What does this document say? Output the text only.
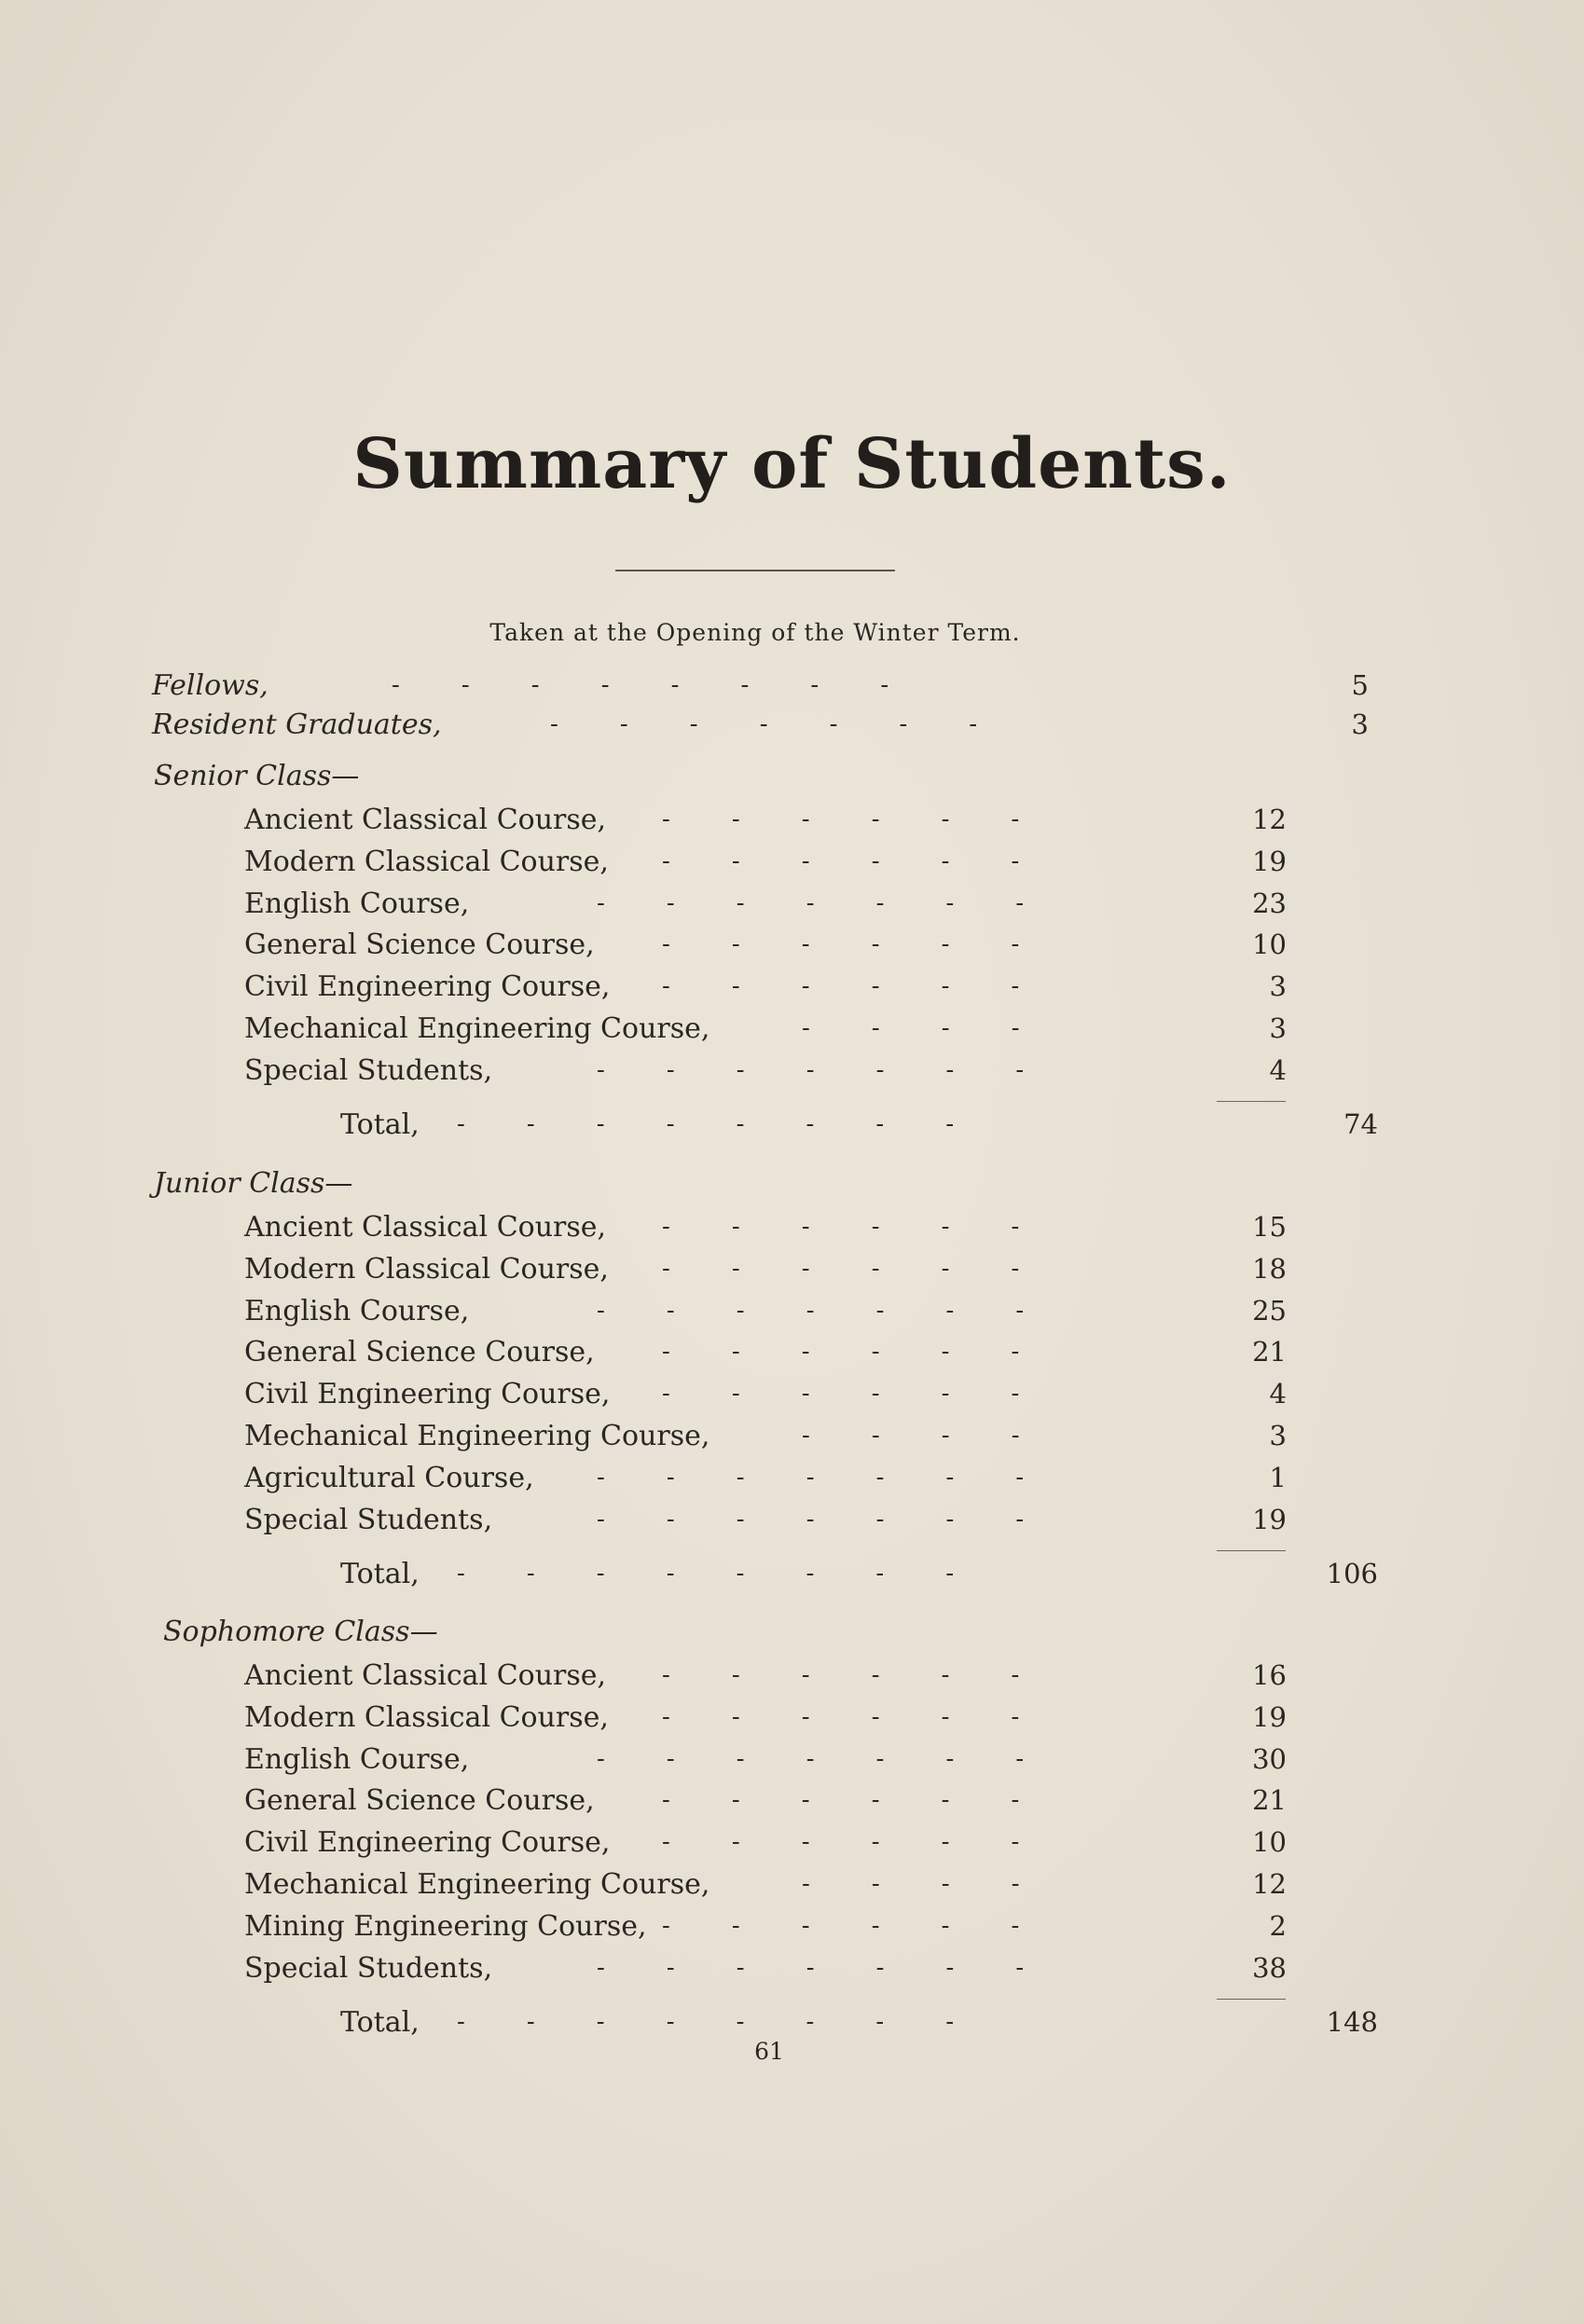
Summary of Students.
Taken at the Opening of the Winter Term.
Fellows,	-        -        -        -        -        -        -        -	5
Resident Graduates,	-        -        -        -        -        -        -	3
Senior Class—
Ancient Classical Course, -        -        -        -        -        -	12
Modern Classical Course, -        -        -        -        -        -	19
English Course,	-        -        -        -        -        -        -	23
General Science Course,	-        -        -        -        -        -	10
Civil Engineering Course, -        -        -        -        -        -	3
Mechanical Engineering Course,	-        -        -        -	3
Special Students,	-        -        -        -        -        -        -	4
Total, -        -        -        -        -        -        -        -	74
Junior Class—
Ancient Classical Course, -        -        -        -        -        -	15
Modern Classical Course, -        -        -        -        -        -	18
English Course,	-        -        -        -        -        -        -	25
General Science Course,	-        -        -        -        -        -	21
Civil Engineering Course, -        -        -        -        -        -	4
Mechanical Engineering Course,	-        -        -        -	3
Agricultural Course,	-        -        -        -        -        -        -	1
Special Students,	-        -        -        -        -        -        -	19
Total, -        -        -        -        -        -        -        -	106
Sophomore Class—
Ancient Classical Course, -        -        -        -        -        -	16
Modern Classical Course, -        -        -        -        -        -	19
English Course,	-        -        -        -        -        -        -	30
General Science Course,	-        -        -        -        -        -	21
Civil Engineering Course, -        -        -        -        -        -	10
Mechanical Engineering Course,	-        -        -        -	12
Mining Engineering Course, -        -        -        -        -        -	2
Special Students,	-        -        -        -        -        -        -	38
Total, -        -        -        -        -        -        -        -	148
61
